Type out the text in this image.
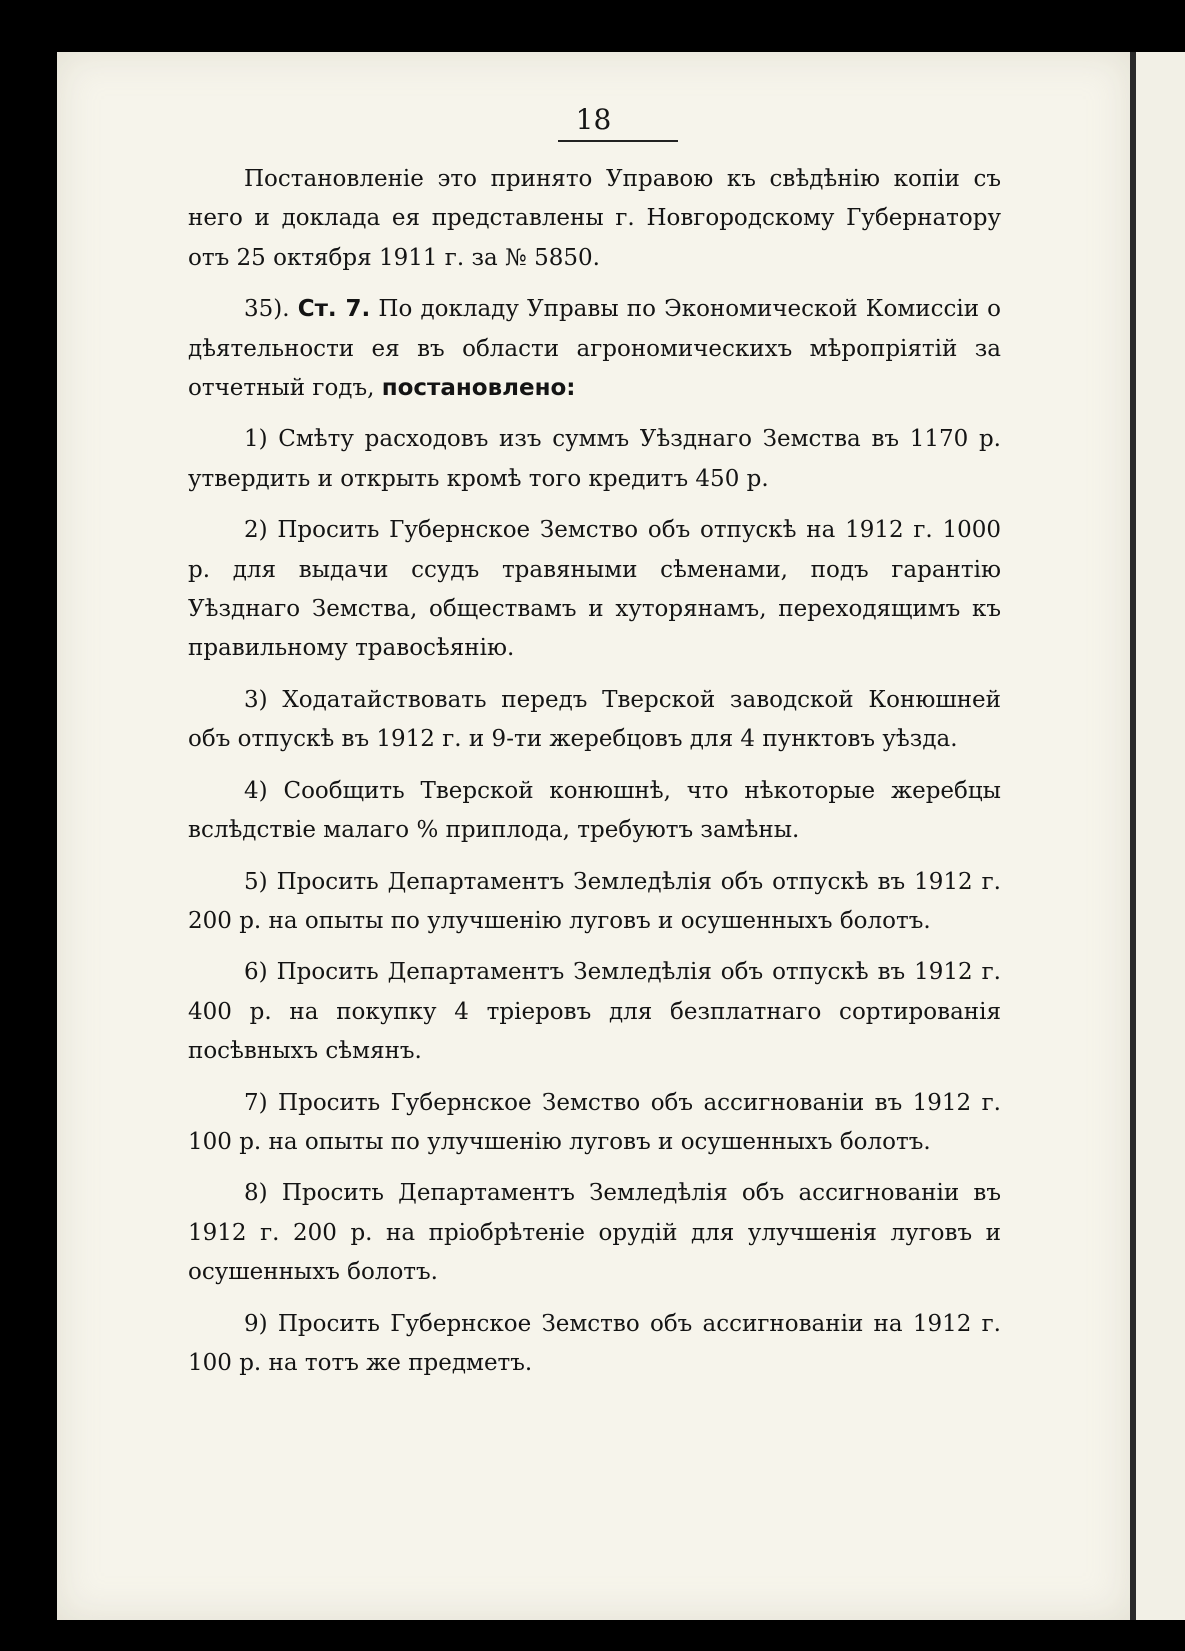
18

Постановленіе это принято Управою къ свѣдѣнію копіи съ него и доклада ея представлены г. Новгородскому Губернатору отъ 25 октября 1911 г. за № 5850.

35). Ст. 7. По докладу Управы по Экономической Комиссіи о дѣятельности ея въ области агрономическихъ мѣропріятій за отчетный годъ, постановлено:

1) Смѣту расходовъ изъ суммъ Уѣзднаго Земства въ 1170 р. утвердить и открыть кромѣ того кредитъ 450 р.

2) Просить Губернское Земство объ отпускѣ на 1912 г. 1000 р. для выдачи ссудъ травяными сѣменами, подъ гарантію Уѣзднаго Земства, обществамъ и хуторянамъ, переходящимъ къ правильному травосѣянію.

3) Ходатайствовать передъ Тверской заводской Конюшней объ отпускѣ въ 1912 г. и 9-ти жеребцовъ для 4 пунктовъ уѣзда.

4) Сообщить Тверской конюшнѣ, что нѣкоторые жеребцы вслѣдствіе малаго % приплода, требуютъ замѣны.

5) Просить Департаментъ Земледѣлія объ отпускѣ въ 1912 г. 200 р. на опыты по улучшенію луговъ и осушенныхъ болотъ.

6) Просить Департаментъ Земледѣлія объ отпускѣ въ 1912 г. 400 р. на покупку 4 тріеровъ для безплатнаго сортированія посѣвныхъ сѣмянъ.

7) Просить Губернское Земство объ ассигнованіи въ 1912 г. 100 р. на опыты по улучшенію луговъ и осушенныхъ болотъ.

8) Просить Департаментъ Земледѣлія объ ассигнованіи въ 1912 г. 200 р. на пріобрѣтеніе орудій для улучшенія луговъ и осушенныхъ болотъ.

9) Просить Губернское Земство объ ассигнованіи на 1912 г. 100 р. на тотъ же предметъ.
